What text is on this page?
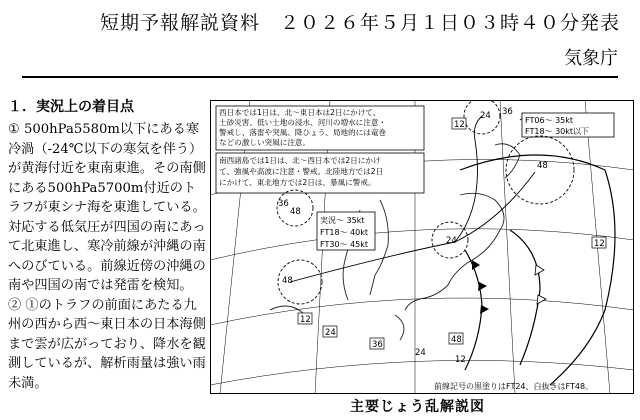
短期予報解説資料　２０２６年５月１日０３時４０分発表
気象庁
１．実況上の着目点

① 500hPa5580m以下にある寒冷渦（-24℃以下の寒気を伴う）が黄海付近を東南東進。その南側にある500hPa5700m付近のトラフが東シナ海を東進している。対応する低気圧が四国の南にあって北東進し、寒冷前線が沖縄の南へのびている。前線近傍の沖縄の南や四国の南では発雷を検知。

② ①のトラフの前面にあたる九州の西から西～東日本の日本海側まで雲が広がっており、降水を観測しているが、解析雨量は強い雨未満。

西日本では1日は、北～東日本は2日にかけて、
土砂災害、低い土地の浸水、河川の増水に注意・
警戒し、落雷や突風、降ひょう、局地的には竜巻
などの激しい突風に注意。
南西諸島では1日は、北～西日本では2日にかけ
て、強風や高波に注意・警戒。北陸地方では2日
にかけて、東北地方では2日は、暴風に警戒。
FT06～ 35kt
FT18～ 30kt以下
実況～ 35kt
FT18～ 40kt
FT30～ 45kt
12
24 36
48
36
48
24
48
12
12
24
36	48
24
12
前線記号の黒塗りはFT24、白抜きはFT48。
主要じょう乱解説図
